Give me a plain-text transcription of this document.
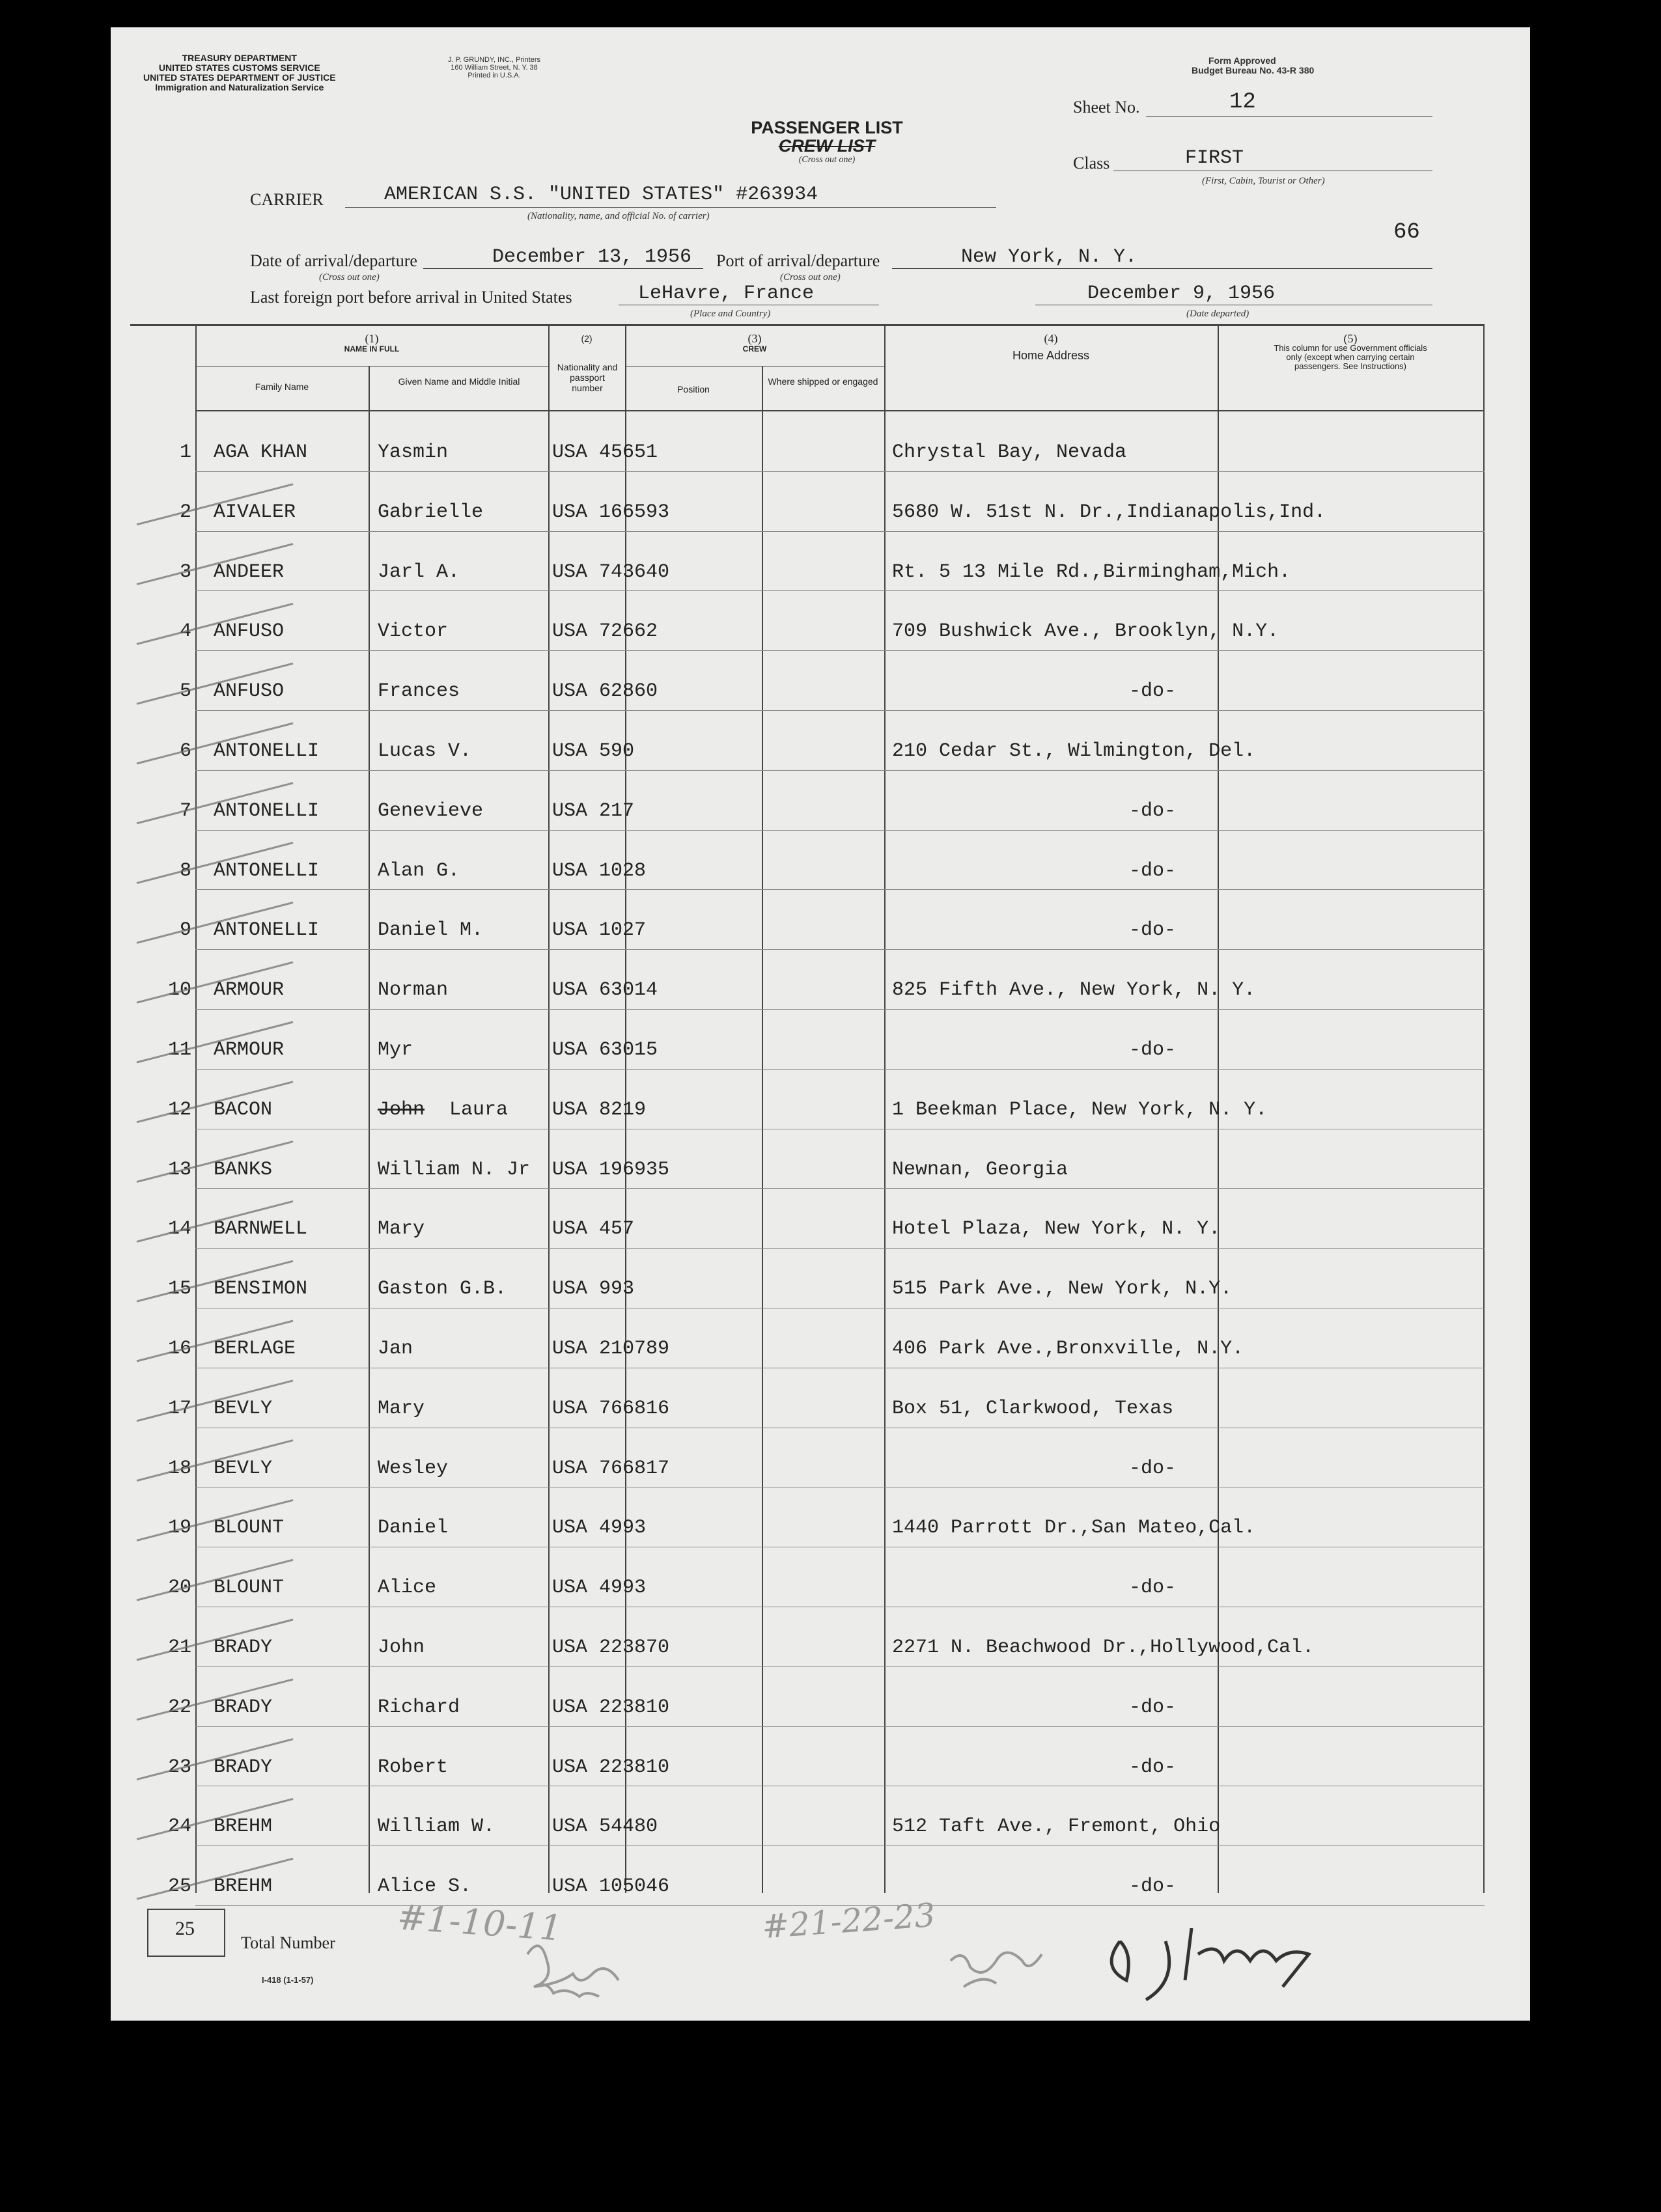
TREASURY DEPARTMENT
UNITED STATES CUSTOMS SERVICE
UNITED STATES DEPARTMENT OF JUSTICE
Immigration and Naturalization Service
J. P. GRUNDY, INC., Printers
160 William Street, N. Y. 38
Printed in U.S.A.
Form Approved
Budget Bureau No. 43-R 380
Sheet No.	12
PASSENGER LIST
CREW LIST
(Cross out one)	Class	FIRST
(First, Cabin, Tourist or Other)
CARRIER	AMERICAN S.S. "UNITED STATES" #263934
(Nationality, name, and official No. of carrier)
66
Date of arrival/departure	December 13, 1956
(Cross out one)
Port of arrival/departure	New York, N. Y.
(Cross out one)
Last foreign port before arrival in United States	LeHavre, France
(Place and Country)
December 9, 1956
(Date departed)
(1)
NAME IN FULL
Family Name	Given Name and Middle Initial
(2)
Nationality and passport number
(3)
CREW
Position
Where shipped or engaged
(4)
Home Address
(5)
This column for use Government officials only (except when carrying certain passengers. See Instructions)
1 AGA KHAN	Yasmin	USA 45651	Chrystal Bay, Nevada
2 AIVALER	Gabrielle	USA 166593	5680 W. 51st N. Dr.,Indianapolis,Ind.
3 ANDEER	Jarl A.	USA 743640	Rt. 5 13 Mile Rd.,Birmingham,Mich.
4 ANFUSO	Victor	USA 72662	709 Bushwick Ave., Brooklyn, N.Y.
5 ANFUSO	Frances	USA 62860	-do-
6 ANTONELLI	Lucas V.	USA 590	210 Cedar St., Wilmington, Del.
7 ANTONELLI	Genevieve	USA 217	-do-
8 ANTONELLI	Alan G.	USA 1028	-do-
9 ANTONELLI	Daniel M.	USA 1027	-do-
10 ARMOUR	Norman	USA 63014	825 Fifth Ave., New York, N. Y.
11 ARMOUR	Myr	USA 63015	-do-
12 BACON	John Laura USA 8219	1 Beekman Place, New York, N. Y.
13 BANKS	William N. Jr USA 196935	Newnan, Georgia
14 BARNWELL	Mary	USA 457	Hotel Plaza, New York, N. Y.
15 BENSIMON	Gaston G.B. USA 993	515 Park Ave., New York, N.Y.
16 BERLAGE	Jan	USA 210789	406 Park Ave.,Bronxville, N.Y.
17 BEVLY	Mary	USA 766816	Box 51, Clarkwood, Texas
18 BEVLY	Wesley	USA 766817	-do-
19 BLOUNT	Daniel	USA 4993	1440 Parrott Dr.,San Mateo,Cal.
20 BLOUNT	Alice	USA 4993	-do-
21 BRADY	John	USA 223870	2271 N. Beachwood Dr.,Hollywood,Cal.
22 BRADY	Richard	USA 223810	-do-
23 BRADY	Robert	USA 223810	-do-
24 BREHM	William W.	USA 54480	512 Taft Ave., Fremont, Ohio
25 BREHM	Alice S.	USA 105046	-do-
25
Total Number
I-418 (1-1-57)
#1-10-11	#21-22-23
